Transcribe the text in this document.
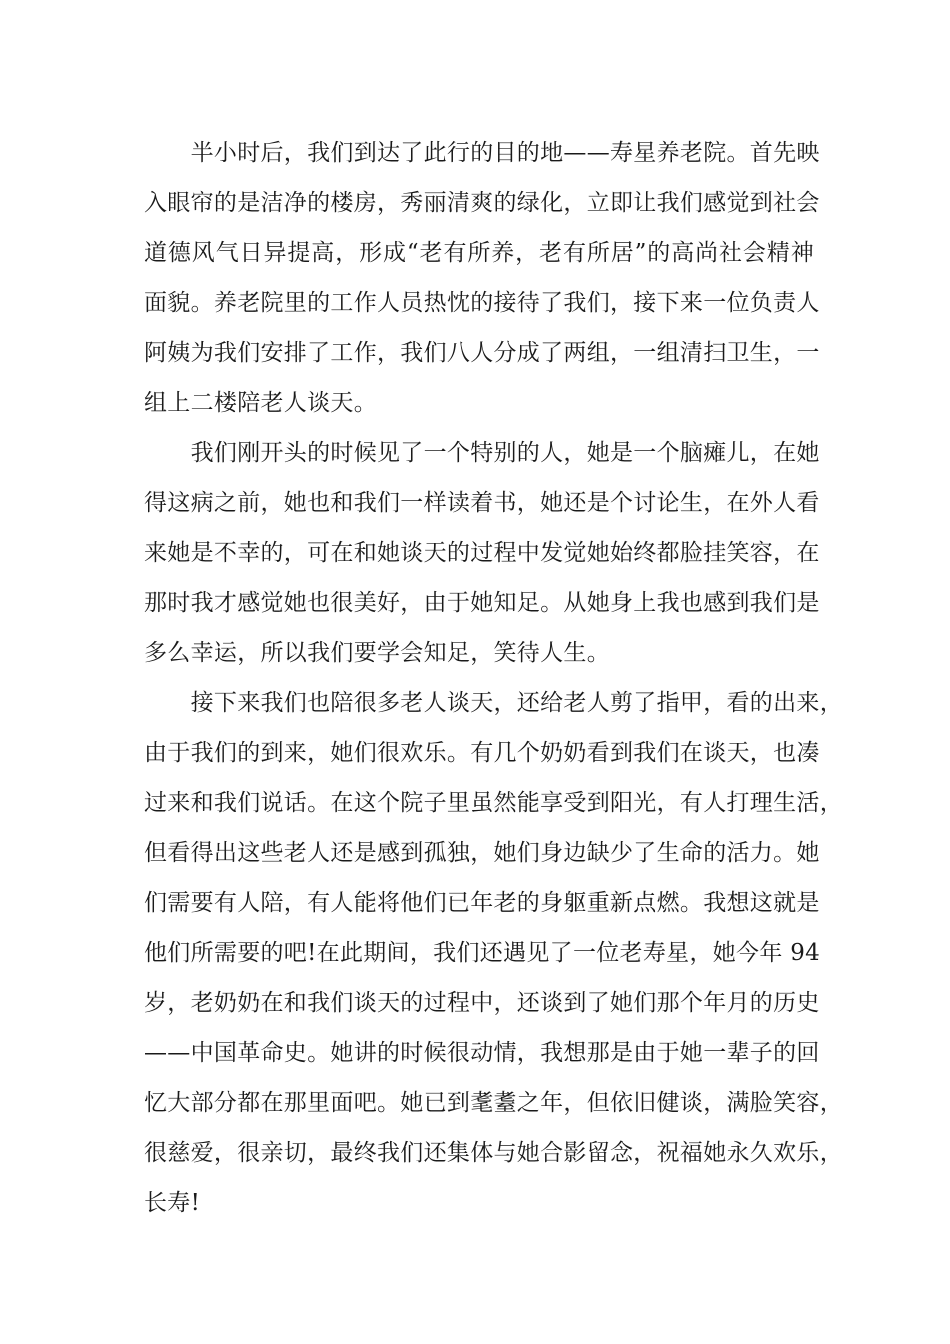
　　半小时后，我们到达了此行的目的地——寿星养老院。首先映
入眼帘的是洁净的楼房，秀丽清爽的绿化，立即让我们感觉到社会
道德风气日异提高，形成“老有所养，老有所居”的高尚社会精神
面貌。养老院里的工作人员热忱的接待了我们，接下来一位负责人
阿姨为我们安排了工作，我们八人分成了两组，一组清扫卫生，一
组上二楼陪老人谈天。
　　我们刚开头的时候见了一个特别的人，她是一个脑瘫儿，在她
得这病之前，她也和我们一样读着书，她还是个讨论生，在外人看
来她是不幸的，可在和她谈天的过程中发觉她始终都脸挂笑容，在
那时我才感觉她也很美好，由于她知足。从她身上我也感到我们是
多么幸运，所以我们要学会知足，笑待人生。
　　接下来我们也陪很多老人谈天，还给老人剪了指甲，看的出来，
由于我们的到来，她们很欢乐。有几个奶奶看到我们在谈天，也凑
过来和我们说话。在这个院子里虽然能享受到阳光，有人打理生活，
但看得出这些老人还是感到孤独，她们身边缺少了生命的活力。她
们需要有人陪，有人能将他们已年老的身躯重新点燃。我想这就是
他们所需要的吧!在此期间，我们还遇见了一位老寿星，她今年 94
岁，老奶奶在和我们谈天的过程中，还谈到了她们那个年月的历史
——中国革命史。她讲的时候很动情，我想那是由于她一辈子的回
忆大部分都在那里面吧。她已到耄耋之年，但依旧健谈，满脸笑容，
很慈爱，很亲切，最终我们还集体与她合影留念，祝福她永久欢乐，
长寿!
